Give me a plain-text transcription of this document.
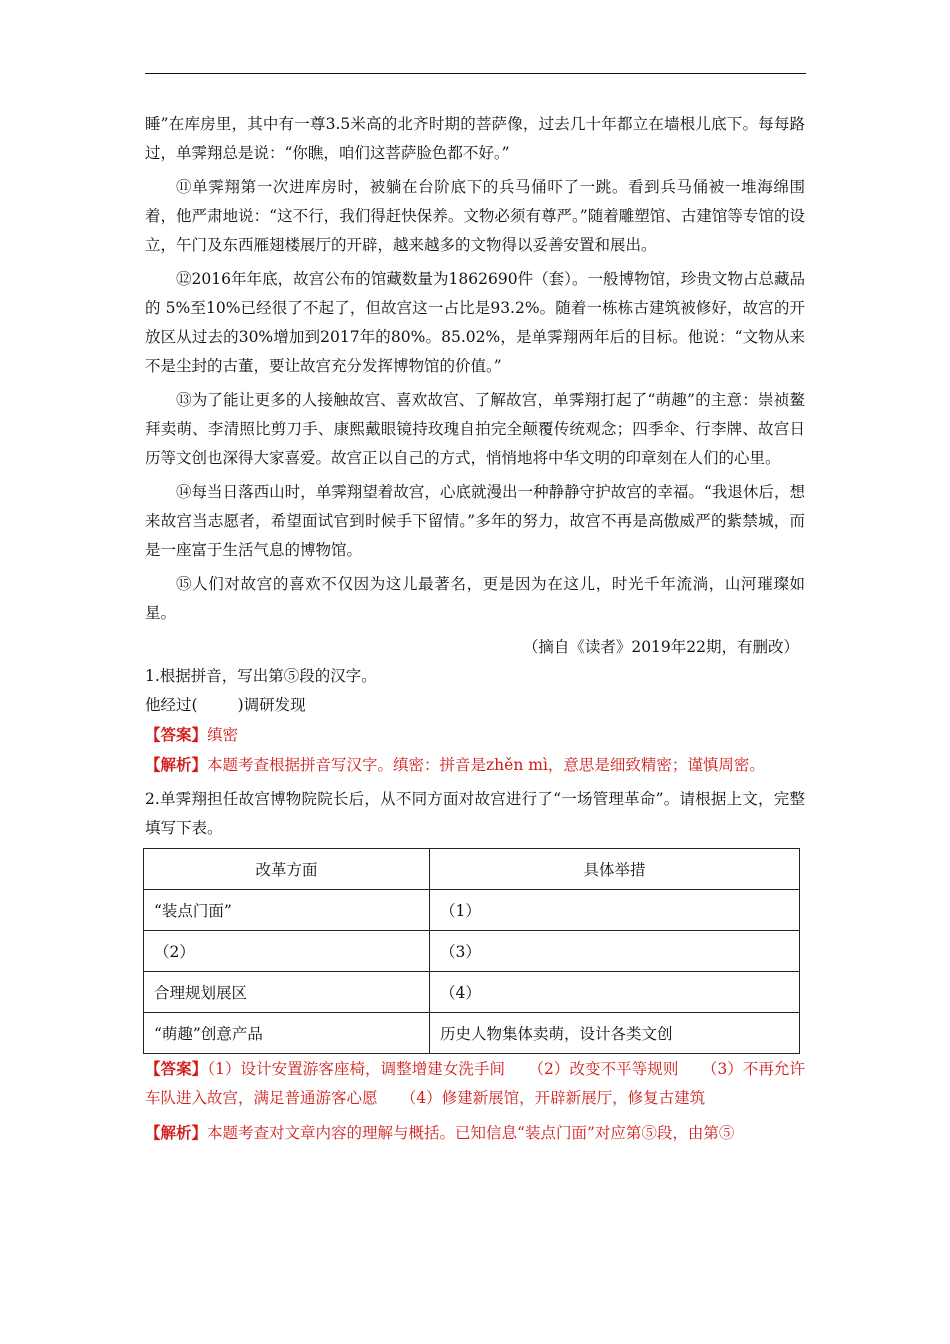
睡”在库房里，其中有一尊3.5米高的北齐时期的菩萨像，过去几十年都立在墙根儿底下。每每路过，单霁翔总是说：“你瞧，咱们这菩萨脸色都不好。”

⑪单霁翔第一次进库房时，被躺在台阶底下的兵马俑吓了一跳。看到兵马俑被一堆海绵围着，他严肃地说：“这不行，我们得赶快保养。文物必须有尊严。”随着雕塑馆、古建馆等专馆的设立，午门及东西雁翅楼展厅的开辟，越来越多的文物得以妥善安置和展出。

⑫2016年年底，故宫公布的馆藏数量为1862690件（套）。一般博物馆，珍贵文物占总藏品的 5%至10%已经很了不起了，但故宫这一占比是93.2%。随着一栋栋古建筑被修好，故宫的开放区从过去的30%增加到2017年的80%。85.02%，是单霁翔两年后的目标。他说：“文物从来不是尘封的古董，要让故宫充分发挥博物馆的价值。”

⑬为了能让更多的人接触故宫、喜欢故宫、了解故宫，单霁翔打起了“萌趣”的主意：崇祯鳌拜卖萌、李清照比剪刀手、康熙戴眼镜持玫瑰自拍完全颠覆传统观念；四季伞、行李牌、故宫日历等文创也深得大家喜爱。故宫正以自己的方式，悄悄地将中华文明的印章刻在人们的心里。

⑭每当日落西山时，单霁翔望着故宫，心底就漫出一种静静守护故宫的幸福。“我退休后，想来故宫当志愿者，希望面试官到时候手下留情。”多年的努力，故宫不再是高傲威严的紫禁城，而是一座富于生活气息的博物馆。

⑮人们对故宫的喜欢不仅因为这儿最著名，更是因为在这儿，时光千年流淌，山河璀璨如星。

（摘自《读者》2019年22期，有删改）

1.根据拼音，写出第⑤段的汉字。

他经过(	)调研发现

【答案】缜密

【解析】本题考查根据拼音写汉字。缜密：拼音是zhěn mì，意思是细致精密；谨慎周密。

2.单霁翔担任故宫博物院院长后，从不同方面对故宫进行了“一场管理革命”。请根据上文，完整填写下表。

改革方面	具体举措
“装点门面”	（1）
（2）	（3）
合理规划展区	（4）
“萌趣”创意产品	历史人物集体卖萌，设计各类文创

【答案】（1）设计安置游客座椅，调整增建女洗手间　　（2）改变不平等规则　　（3）不再允许车队进入故宫，满足普通游客心愿　　（4）修建新展馆，开辟新展厅，修复古建筑

【解析】本题考查对文章内容的理解与概括。已知信息“装点门面”对应第⑤段，由第⑤
